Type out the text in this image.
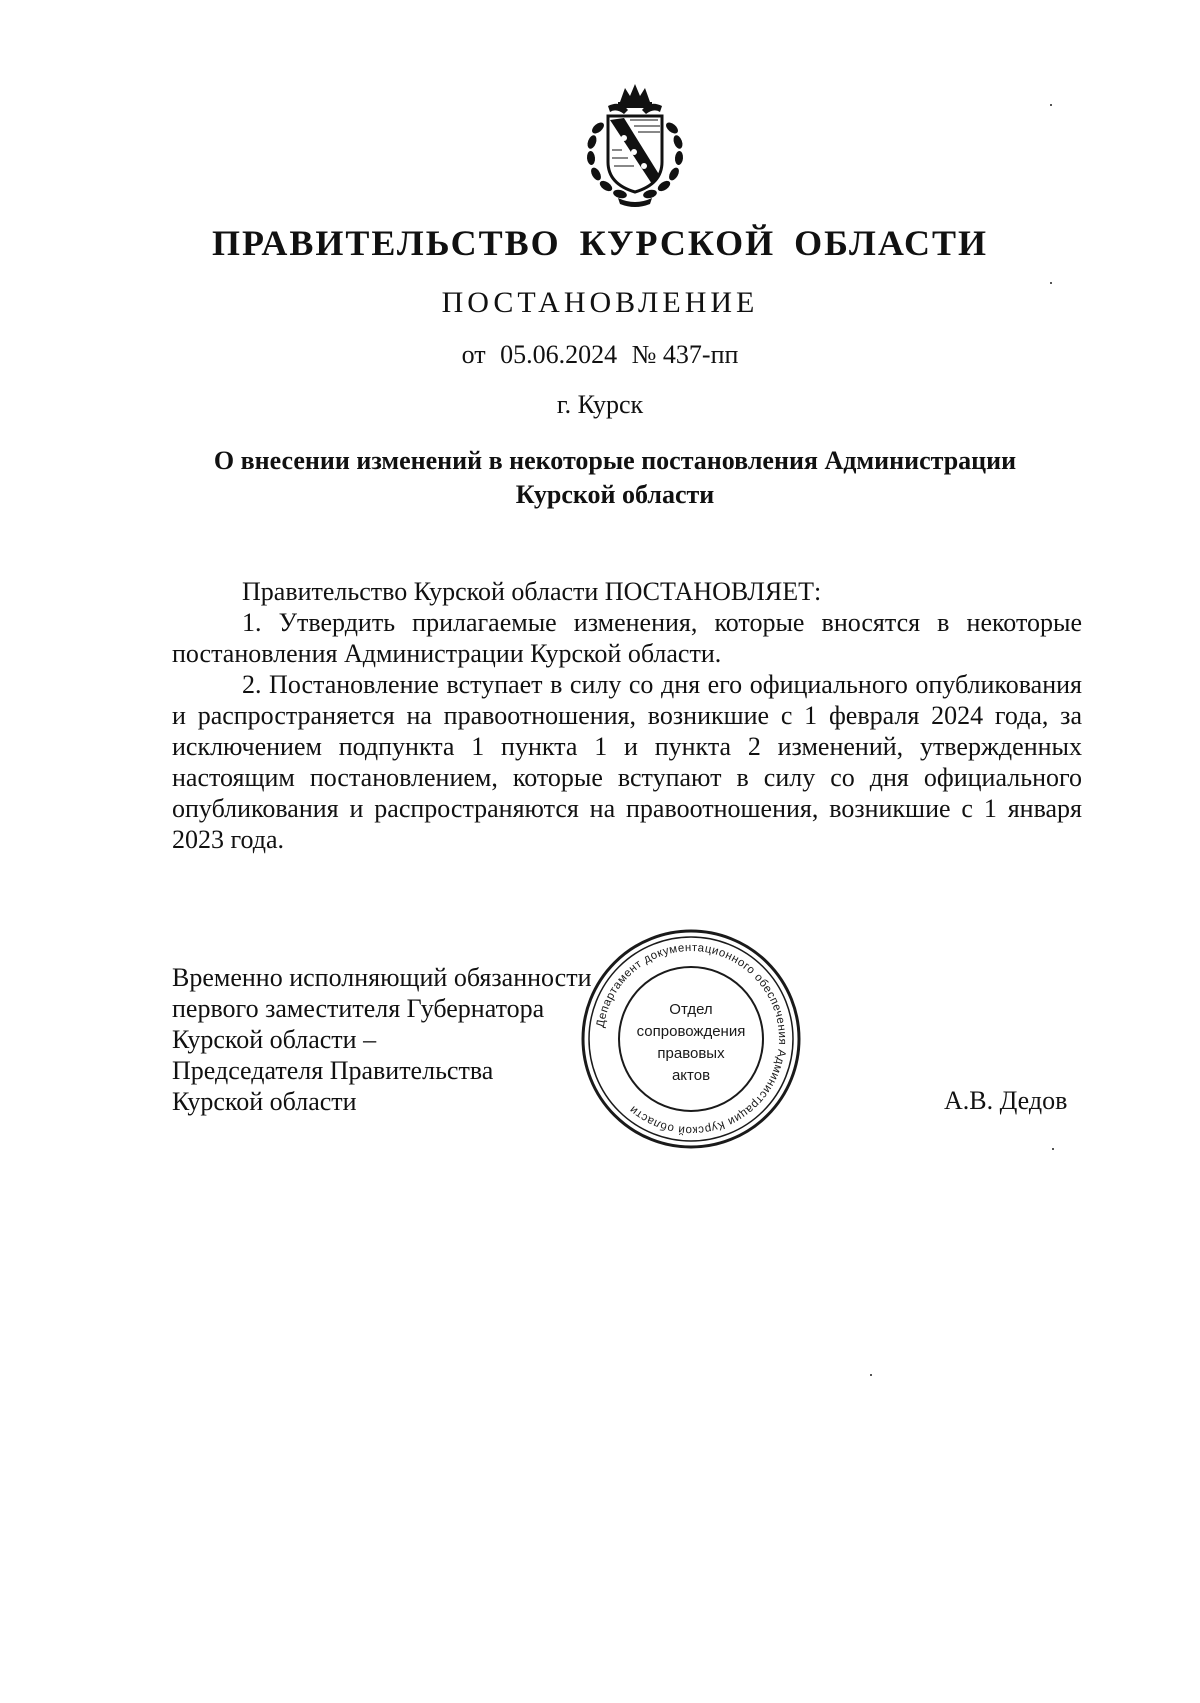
ПРАВИТЕЛЬСТВО КУРСКОЙ ОБЛАСТИ
ПОСТАНОВЛЕНИЕ
от 05.06.2024 № 437-пп
г. Курск
О внесении изменений в некоторые постановления Администрации
Курской области

Правительство Курской области ПОСТАНОВЛЯЕТ:

1. Утвердить прилагаемые изменения, которые вносятся в некоторые постановления Администрации Курской области.

2. Постановление вступает в силу со дня его официального опубликования и распространяется на правоотношения, возникшие с 1 февраля 2024 года, за исключением подпункта 1 пункта 1 и пункта 2 изменений, утвержденных настоящим постановлением, которые вступают в силу со дня официального опубликования и распространяются на правоотношения, возникшие с 1 января 2023 года.

Временно исполняющий обязанности
первого заместителя Губернатора
Курской области –
Председателя Правительства
Курской области	А.В. Дедов
Департамент документационного обеспечения Администрации Курской области
Отдел
сопровождения
правовых
актов
